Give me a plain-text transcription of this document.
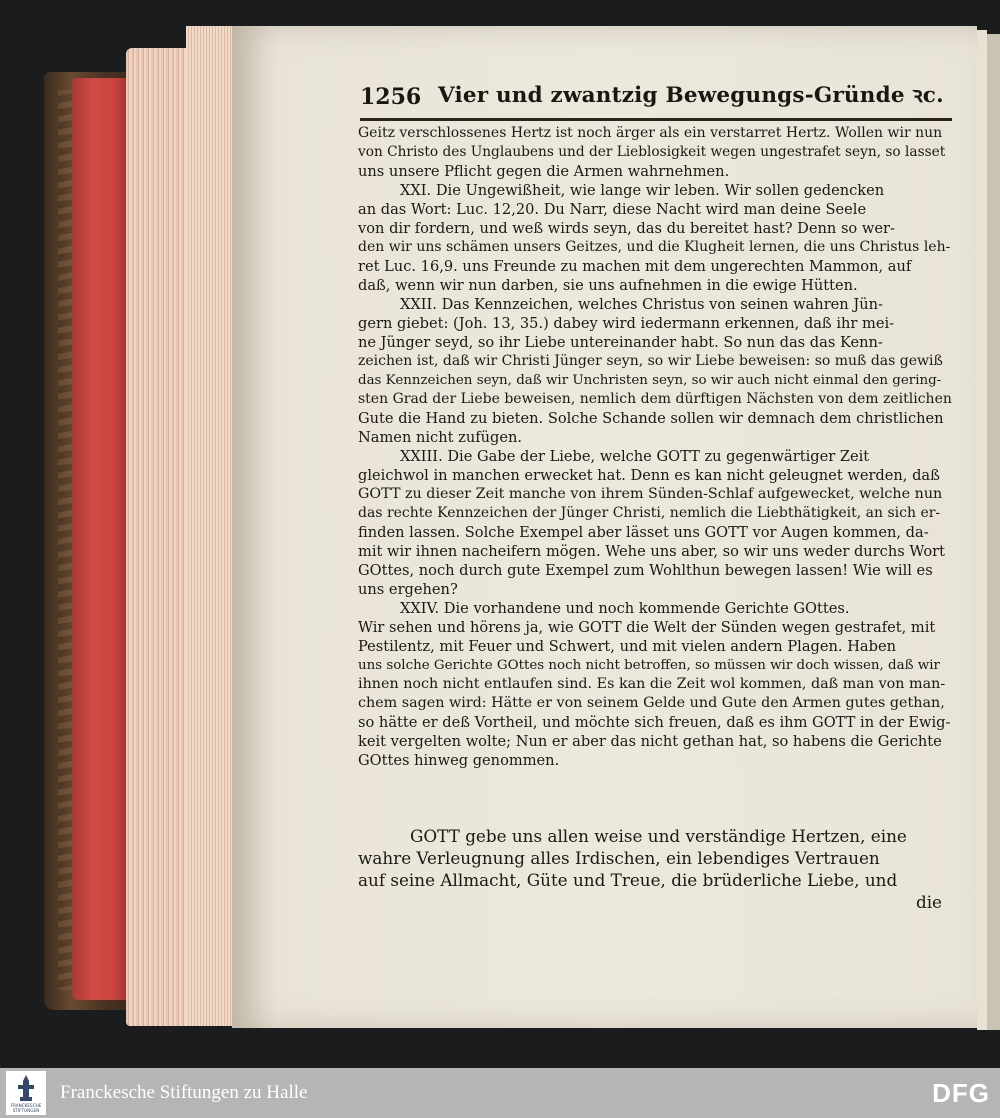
1256 Vier und zwantzig Bewegungs-Gründe ꝛc.
Geitz verschlossenes Hertz ist noch ärger als ein verstarret Hertz. Wollen wir nun
von Christo des Unglaubens und der Lieblosigkeit wegen ungestrafet seyn, so lasset
uns unsere Pflicht gegen die Armen wahrnehmen.
XXI. Die Ungewißheit, wie lange wir leben. Wir sollen gedencken
an das Wort: Luc. 12,20. Du Narr, diese Nacht wird man deine Seele
von dir fordern, und weß wirds seyn, das du bereitet hast? Denn so wer-
den wir uns schämen unsers Geitzes, und die Klugheit lernen, die uns Christus leh-
ret Luc. 16,9. uns Freunde zu machen mit dem ungerechten Mammon, auf
daß, wenn wir nun darben, sie uns aufnehmen in die ewige Hütten.
XXII. Das Kennzeichen, welches Christus von seinen wahren Jün-
gern giebet: (Joh. 13, 35.) dabey wird iedermann erkennen, daß ihr mei-
ne Jünger seyd, so ihr Liebe untereinander habt. So nun das das Kenn-
zeichen ist, daß wir Christi Jünger seyn, so wir Liebe beweisen: so muß das gewiß
das Kennzeichen seyn, daß wir Unchristen seyn, so wir auch nicht einmal den gering-
sten Grad der Liebe beweisen, nemlich dem dürftigen Nächsten von dem zeitlichen
Gute die Hand zu bieten. Solche Schande sollen wir demnach dem christlichen
Namen nicht zufügen.
XXIII. Die Gabe der Liebe, welche GOTT zu gegenwärtiger Zeit
gleichwol in manchen erwecket hat. Denn es kan nicht geleugnet werden, daß
GOTT zu dieser Zeit manche von ihrem Sünden-Schlaf aufgewecket, welche nun
das rechte Kennzeichen der Jünger Christi, nemlich die Liebthätigkeit, an sich er-
finden lassen. Solche Exempel aber lässet uns GOTT vor Augen kommen, da-
mit wir ihnen nacheifern mögen. Wehe uns aber, so wir uns weder durchs Wort
GOttes, noch durch gute Exempel zum Wohlthun bewegen lassen! Wie will es
uns ergehen?
XXIV. Die vorhandene und noch kommende Gerichte GOttes.
Wir sehen und hörens ja, wie GOTT die Welt der Sünden wegen gestrafet, mit
Pestilentz, mit Feuer und Schwert, und mit vielen andern Plagen. Haben
uns solche Gerichte GOttes noch nicht betroffen, so müssen wir doch wissen, daß wir
ihnen noch nicht entlaufen sind. Es kan die Zeit wol kommen, daß man von man-
chem sagen wird: Hätte er von seinem Gelde und Gute den Armen gutes gethan,
so hätte er deß Vortheil, und möchte sich freuen, daß es ihm GOTT in der Ewig-
keit vergelten wolte; Nun er aber das nicht gethan hat, so habens die Gerichte
GOttes hinweg genommen.
GOTT gebe uns allen weise und verständige Hertzen, eine
wahre Verleugnung alles Irdischen, ein lebendiges Vertrauen
auf seine Allmacht, Güte und Treue, die brüderliche Liebe, und
die
FRANCKESCHE
STIFTUNGEN
Franckesche Stiftungen zu Halle	DFG
